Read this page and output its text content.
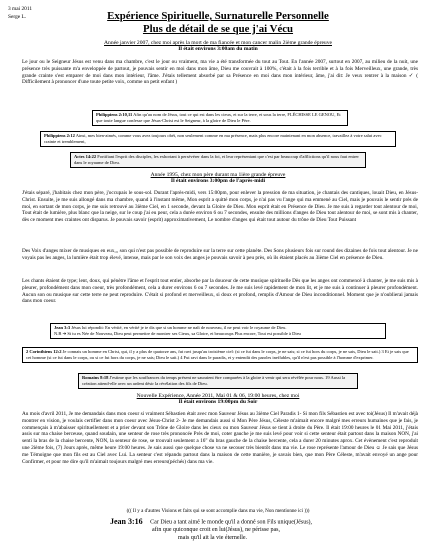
3 mai 2011
Serge L.	Expérience Spirituelle, Surnaturelle Personnelle
Plus de détail de se que j'ai Vécu
Année janvier 2007, chez moi après la mort de ma fiancée et mon cancer malin 2ième grande épreuve
Il était environs 3:00am du matin
Le jour ou le Seigneur Jésus est venu dans ma chambre, c'est le jour ou vraiment, ma vie a été transformée du tout au Tout. En l'année 2007, surtout en 2007, au milieu de la nuit, une présence très puissante m'a enveloppée de partout, je pouvais sentir en moi dans mon âme, Dieu me couvrait à 100%, c'était à la fois terrible et à la fois Merveilleux, une grande, très grande crainte s'est emparer de moi dans mon intérieur, l'âme. J'étais tellement absorbé par sa Présence en moi dans mon intérieur, âme, j'ai dit: Je veux rentrer à la maison ✓ ( Difficilement à prononcer d'une toute petite voix, comme un petit enfant )
Philippiens 2:10,11 Afin qu'au nom de Jésus, tout ce qui est dans les cieux, et sur la terre, et sous la terre, FLÉCHISSE LE GENOU, Et que toute langue confesse que Jésus-Christ est le Seigneur, à la gloire de Dieu le Père.
Philippiens 2:12 Ainsi, mes bien-aimés, comme vous avez toujours obéi, non seulement comme en ma présence, mais plus encore maintenant en mon absence, travaillez à votre salut avec crainte et tremblement,
Actes 14:22 Fortifiant l'esprit des disciples, les exhortant à persévérer dans la foi, et leur représentant que c'est par beaucoup d'afflictions qu'il nous faut entrer dans le royaume de Dieu.
Année 1995, chez mon père durant ma 1ière grande épreuve
Il était environs 3:00pm de l'après-midi
J'étais séparé, j'habitais chez mon père, j'occupais le sous-sol. Durant l'après-midi, vers 15:00pm, pour enlever la pression de ma situation, je chantais des cantiques, louait Dieu, en Jésus-Christ. Ensuite, je me suis allongé dans ma chambre, quand à l'instant même, Mon esprit a quitté mon corps, je n'ai pas vu l'ange qui ma emmené au Ciel, mais je pouvais le sentir près de moi, en sortant de mon corps, je me suis retrouvé au 3ième Ciel, en 1 seconde, devant la Gloire de Dieu. Mon esprit était en Présence de Dieu. Je me suis à regarder tout alentour de moi, Tout était de lumière, plus blanc que la neige, sur le coup j'ai eu peur, cela a durée environ 6 ou 7 secondes, ensuite des millions d'anges de Dieu tout alentour de moi, se sont mis à chanter, dès ce moment mes craintes ont disparus. Je pouvais savoir (esprit) approximativement, Le nombre d'anges qui était tout autour du trône de Dieu Tout Puissant
Des Voix d'anges mixer de musiques en eux,,, son qui n'est pas possible de reproduire sur la terre sur cette planète. Des Sons plusieurs fois sur round des dizaines de fois tout alentour. Je ne voyais pas les anges, la lumière était trop élevé, intense, mais par le son voix des anges je pouvais savoir à peu près, où ils étaient placés au 3ième Ciel en présence de Dieu.
Les chants étaient de type; lent, doux, qui pénètre l'âme et l'esprit tout entier, absorbe par la douceur de cette musique spirituelle Dès que les anges ont commencé à chanter, je me suis mis à pleurer, profondément dans mon coeur, très profondément, cela a durer environs 6 ou 7 secondes. Je me suis levé rapidement de mon lit, et je me suis à continuer à pleurer profondément. Aucun son ou musique sur cette terre ne peut reproduire. C'était si profond et merveilleux, si doux et profond, remplis d'Amour de Dieu inconditionnel. Moment que je n'oublierai jamais dans mon coeur.
Jean 3:3 Jésus lui répondit: En vérité, en vérité je te dis que si un homme ne naît de nouveau, il ne peut voir le royaume de Dieu.
N.B ➜ Si tu es Née de Nouveau, Dieu peut permettre de montrer ses Cieux, sa Gloire, et beaucoups Plus encore, Tout est possible à Dieu
2 Corinthiens 12:2 Je connais un homme en Christ, qui, il y a plus de quatorze ans, fut ravi jusqu'au troisième ciel: (si ce fut dans le corps, je ne sais; si ce fut hors du corps, je ne sais, Dieu le sait.) 3 Et je sais que cet homme (si ce fut dans le corps, ou si ce fut hors du corps, je ne sais; Dieu le sait.) 4 Fut ravi dans le paradis, et y entendit des paroles ineffables, qu'il n'est pas possible à l'homme d'exprimer.
Romains 8:18 J'estime que les souffrances du temps présent ne sauraient être comparées à la gloire à venir qui sera révélée pour nous. 19 Aussi la création attend-elle avec un ardent désir la révélation des fils de Dieu.
Nouvelle Expérience, Année 2011, Mai 01 & 06, 19:00 heures, chez moi
Il était environs 19:00pm du Soir
Au mois d'avril 2011, Je me demandais dans mon coeur si vraiment Sébastien était avec mon Sauveur Jésus au 3ième Ciel Paradis 1- Si mon fils Sébastien est avec toi(Jésus) Il m'avait déjà montrer en vision, je voulais certifier dans mon coeur avec Jésus-Christ 2- Je me demandais aussi si Mon Père Jésus, Céleste m'aimait encore malgré mes erreurs humaines que je fais, je commençais à m'abaisser spirituellement et a prier devant son Trône de Gloire dans les cieux ou mon Sauveur Jésus se tient à droite du Père. Il était 19:00 heures le 01 Mai 2011, j'étais assis sur ma chaise berceuse, quand soudain, une senteur de rose très prononcée Près de moi, coter gauche je me suis levé pour voir si cette senteur était partout dans la maison NON, j'ai senti la bras de la chaise bercente, NON, la senteur de rose, se trouvait seulement a 16" du bras gauche de la chaise bercente, cela a durer 20 minutes aprox. Cet évènement c'est reproduit une 2ième fois, (7) Jours après, même heure 19:00 heures. Je sais aussi que quelque chose va ne secouer très bientôt dans ma vie. Le rose représente l'amour de Dieu ☺ Je sais que Jésus me Témoigne que mon fils est au Ciel avec Lui. La senteur c'est répandu partout dans la maison de cette manière, je savais bien, que mon Père Céleste, m'avait envoyé un ange pour Confirmer, et pour me dire qu'il m'aimait toujours malgré mes erreurs(péchés) dans ma vie.
((( Il y a d'autres Visions et faits qui se sont accomplie dans ma vie, Non mentionne ici )))
Jean 3:16 Car Dieu a tant aimé le monde qu'il a donné son Fils unique(Jésus),
afin que quiconque croit en lui(Jésus), ne périsse pas,
mais qu'il ait la vie éternelle.
